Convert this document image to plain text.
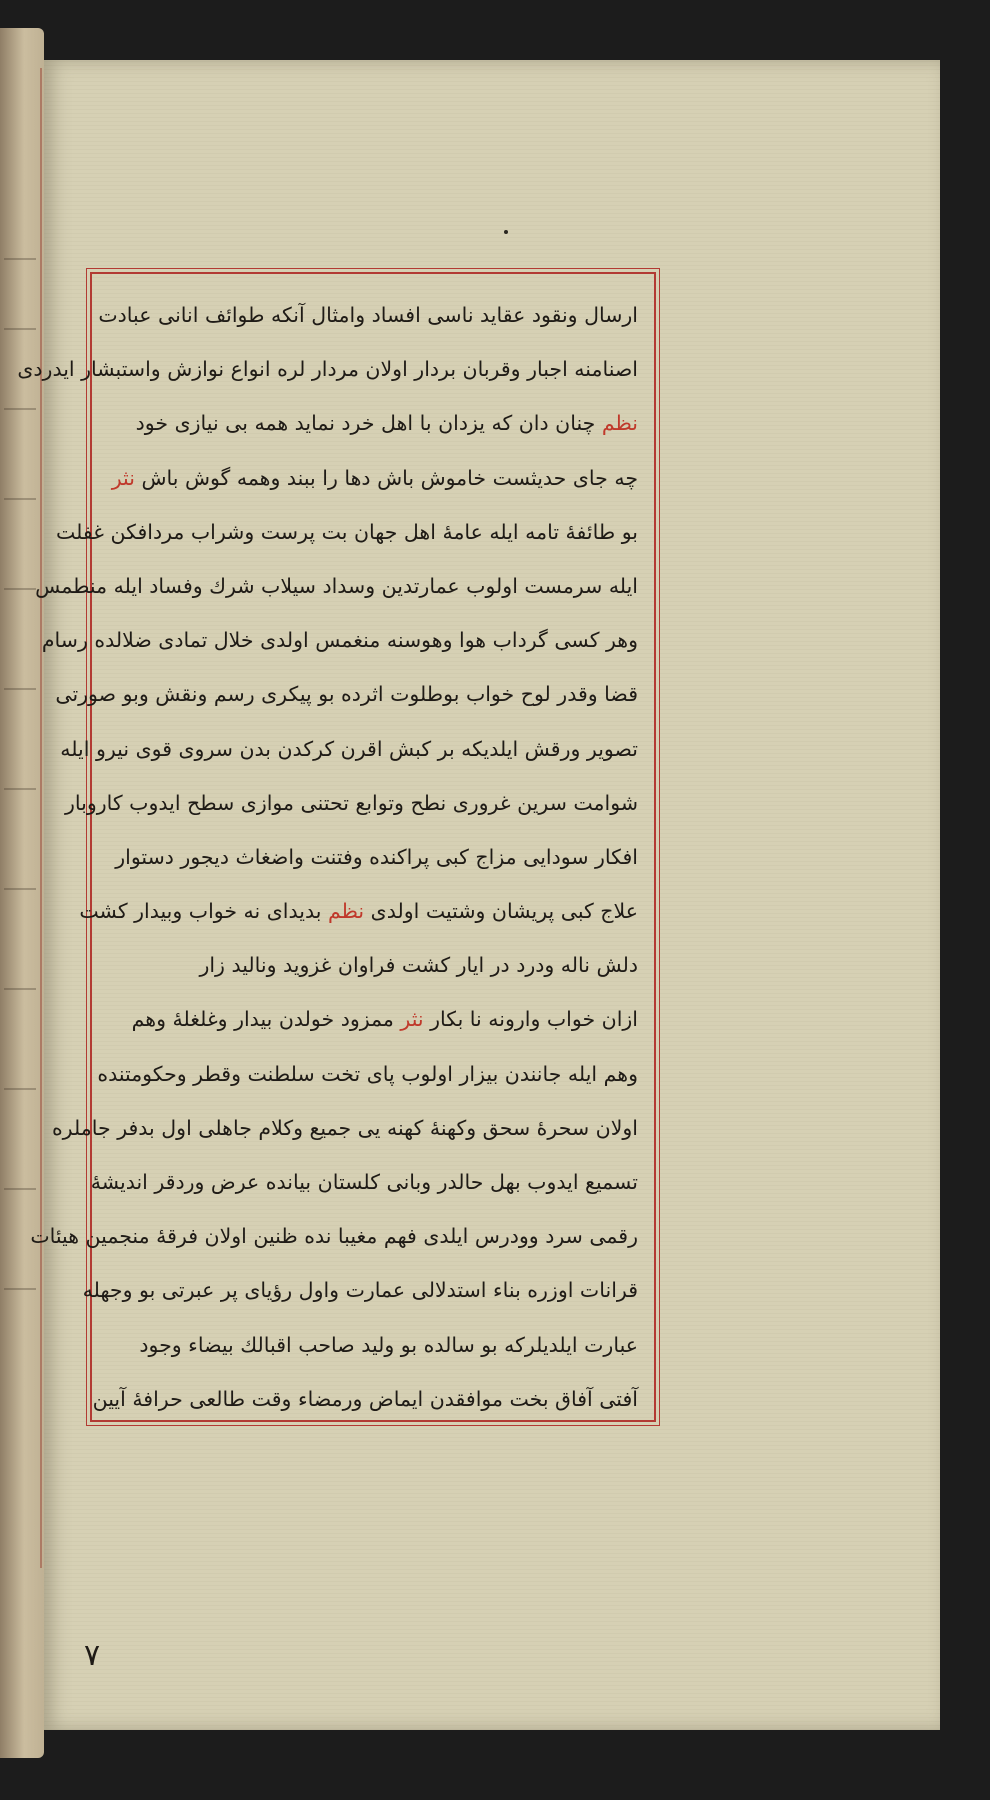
ارسال ونقود عقاید ناسی افساد وامثال آنکه طوائف انانی عبادت
اصنامنه اجبار وقربان بردار اولان مردار لره انواع نوازش واستبشار ایدردی
نظم چنان دان که یزدان با اهل خرد نماید همه بی نیازی خود
چه جای حدیثست خاموش باش دها را ببند وهمه گوش باش نثر
بو طائفهٔ تامه ایله عامهٔ اهل جهان بت پرست وشراب مردافکن غفلت
ایله سرمست اولوب عمارتدین وسداد سیلاب شرك وفساد ایله منطمس
وهر کسی گرداب هوا وهوسنه منغمس اولدی خلال تمادی ضلالده رسام
قضا وقدر لوح خواب بوطلوت اثرده بو پیکری رسم ونقش وبو صورتی
تصویر ورقش ایلدیکه بر کبش اقرن کرکدن بدن سروی قوی نیرو ایله
شوامت سرین غروری نطح وتوابع تحتنی موازی سطح ایدوب کاروبار
افکار سودایی مزاج کبی پراکنده وفتنت واضغاث دیجور دستوار
علاج کبی پریشان وشتیت اولدی نظم بدیدای نه خواب وبیدار کشت
دلش ناله ودرد در ایار کشت فراوان غزوید ونالید زار
ازان خواب وارونه نا بکار نثر ممزود خولدن بیدار وغلغلهٔ وهم
وهم ایله جانندن بیزار اولوب پای تخت سلطنت وقطر وحکومتنده
اولان سحرهٔ سحق وکهنهٔ کهنه یی جمیع وکلام جاهلی اول بدفر جاملره
تسمیع ایدوب بهل حالدر وبانی کلستان بیانده عرض وردقر اندیشهٔ
رقمی سرد وودرس ایلدی فهم مغیبا نده ظنین اولان فرقهٔ منجمین هیئات
قرانات اوزره بناء استدلالی عمارت واول رؤیای پر عبرتی بو وجهله
عبارت ایلدیلرکه بو سالده بو ولید صاحب اقبالك بیضاء وجود
آفتی آفاق بخت موافقدن ایماض ورمضاء وقت طالعی حرافهٔ آیین
٧
